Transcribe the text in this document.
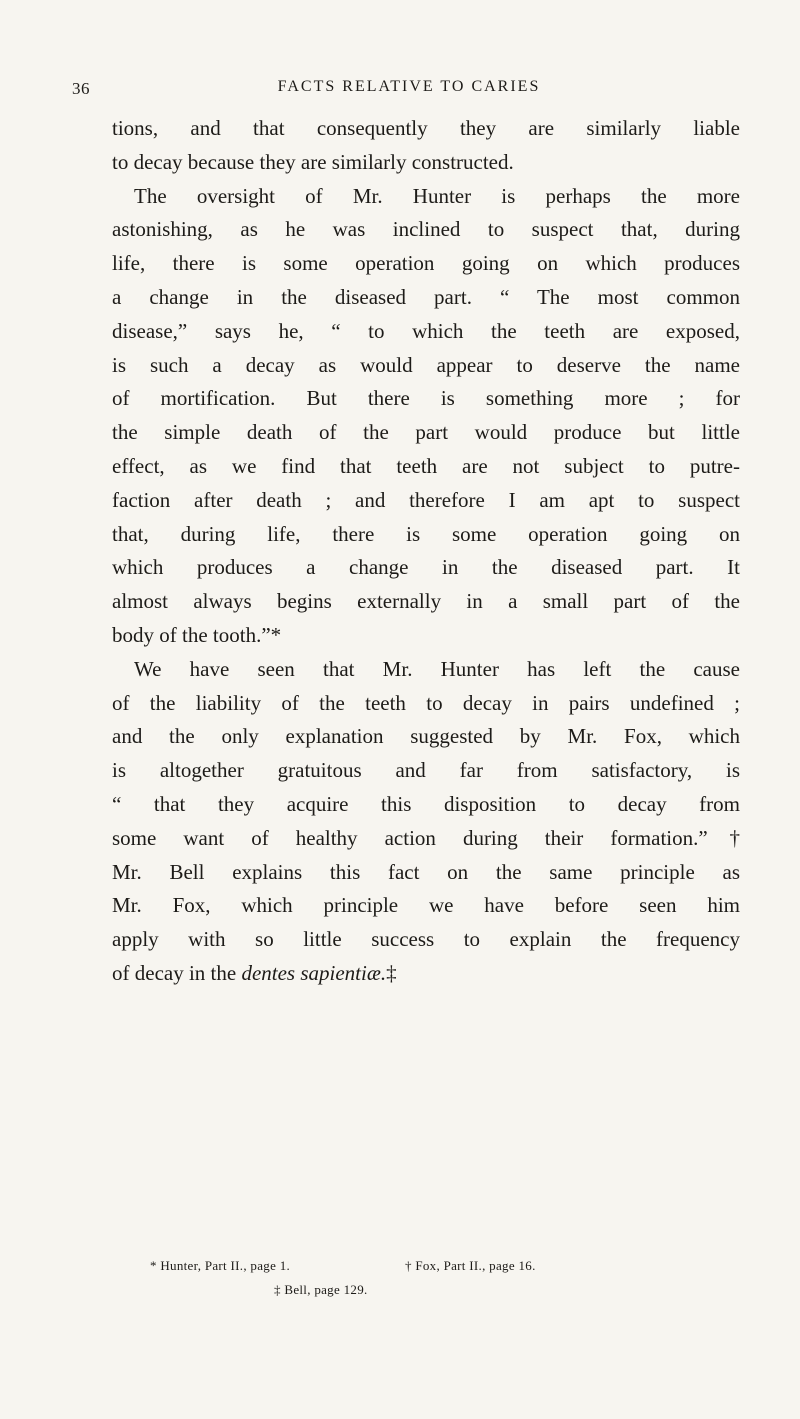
36	FACTS RELATIVE TO CARIES
tions, and that consequently they are similarly liable
to decay because they are similarly constructed.
The oversight of Mr. Hunter is perhaps the more
astonishing, as he was inclined to suspect that, during
life, there is some operation going on which produces
a change in the diseased part. “ The most common
disease,” says he, “ to which the teeth are exposed,
is such a decay as would appear to deserve the name
of mortification. But there is something more ; for
the simple death of the part would produce but little
effect, as we find that teeth are not subject to putre-
faction after death ; and therefore I am apt to suspect
that, during life, there is some operation going on
which produces a change in the diseased part. It
almost always begins externally in a small part of the
body of the tooth.”*
We have seen that Mr. Hunter has left the cause
of the liability of the teeth to decay in pairs undefined ;
and the only explanation suggested by Mr. Fox, which
is altogether gratuitous and far from satisfactory, is
“ that they acquire this disposition to decay from
some want of healthy action during their formation.”†
Mr. Bell explains this fact on the same principle as
Mr. Fox, which principle we have before seen him
apply with so little success to explain the frequency
of decay in the dentes sapientiæ.‡
* Hunter, Part II., page 1.	† Fox, Part II., page 16.
‡ Bell, page 129.
